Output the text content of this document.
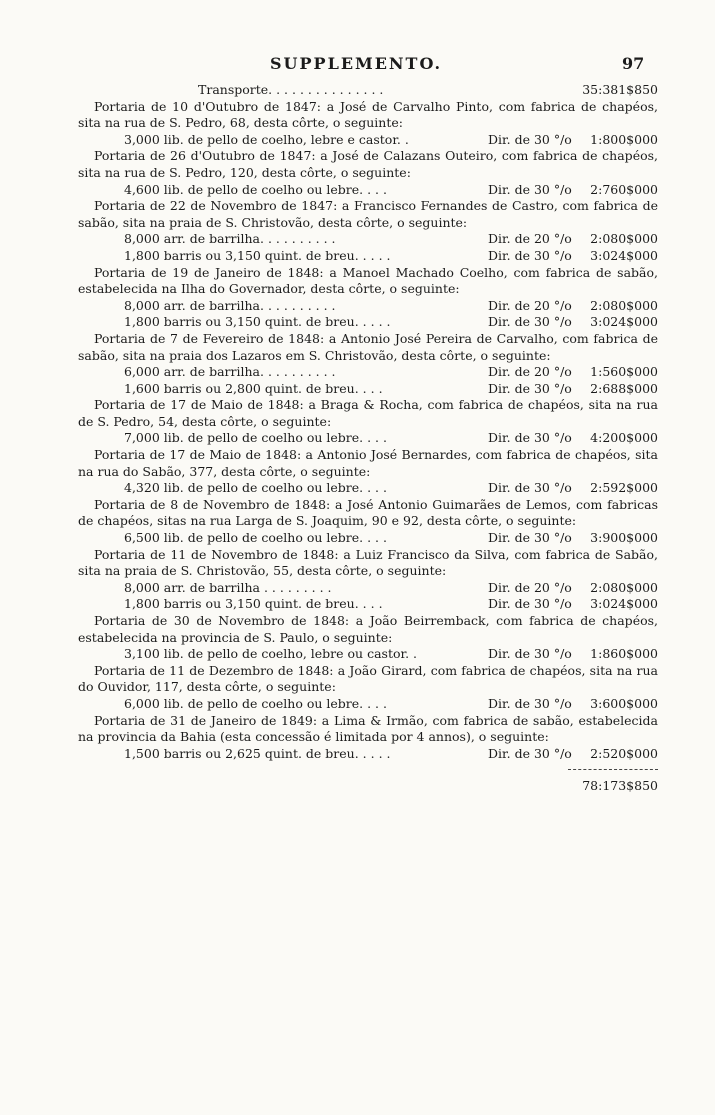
SUPPLEMENTO.	97
Transporte. . . . . . . . . . . . . . .	35:381$850

Portaria de 10 d'Outubro de 1847: a José de Carvalho Pinto, com fabrica de chapéos, sita na rua de S. Pedro, 68, desta côrte, o seguinte:

3,000 lib. de pello de coelho, lebre e castor. .	Dir. de 30 °/o	1:800$000

Portaria de 26 d'Outubro de 1847: a José de Calazans Outeiro, com fabrica de chapéos, sita na rua de S. Pedro, 120, desta côrte, o seguinte:

4,600 lib. de pello de coelho ou lebre. . . .	Dir. de 30 °/o	2:760$000

Portaria de 22 de Novembro de 1847: a Francisco Fernandes de Castro, com fabrica de sabão, sita na praia de S. Christovão, desta côrte, o seguinte:

8,000 arr. de barrilha. . . . . . . . . .	Dir. de 20 °/o	2:080$000
1,800 barris ou 3,150 quint. de breu. . . . .	Dir. de 30 °/o	3:024$000

Portaria de 19 de Janeiro de 1848: a Manoel Machado Coelho, com fabrica de sabão, estabelecida na Ilha do Governador, desta côrte, o seguinte:

8,000 arr. de barrilha. . . . . . . . . .	Dir. de 20 °/o	2:080$000
1,800 barris ou 3,150 quint. de breu. . . . .	Dir. de 30 °/o	3:024$000

Portaria de 7 de Fevereiro de 1848: a Antonio José Pereira de Carvalho, com fabrica de sabão, sita na praia dos Lazaros em S. Christovão, desta côrte, o seguinte:

6,000 arr. de barrilha. . . . . . . . . .	Dir. de 20 °/o	1:560$000
1,600 barris ou 2,800 quint. de breu. . . .	Dir. de 30 °/o	2:688$000

Portaria de 17 de Maio de 1848: a Braga & Rocha, com fabrica de chapéos, sita na rua de S. Pedro, 54, desta côrte, o seguinte:

7,000 lib. de pello de coelho ou lebre. . . .	Dir. de 30 °/o	4:200$000

Portaria de 17 de Maio de 1848: a Antonio José Bernardes, com fabrica de chapéos, sita na rua do Sabão, 377, desta côrte, o seguinte:

4,320 lib. de pello de coelho ou lebre. . . .	Dir. de 30 °/o	2:592$000

Portaria de 8 de Novembro de 1848: a José Antonio Guimarães de Lemos, com fabricas de chapéos, sitas na rua Larga de S. Joaquim, 90 e 92, desta côrte, o seguinte:

6,500 lib. de pello de coelho ou lebre. . . .	Dir. de 30 °/o	3:900$000

Portaria de 11 de Novembro de 1848: a Luiz Francisco da Silva, com fabrica de Sabão, sita na praia de S. Christovão, 55, desta côrte, o seguinte:

8,000 arr. de barrilha . . . . . . . . .	Dir. de 20 °/o	2:080$000
1,800 barris ou 3,150 quint. de breu. . . .	Dir. de 30 °/o	3:024$000

Portaria de 30 de Novembro de 1848: a João Beirremback, com fabrica de chapéos, estabelecida na provincia de S. Paulo, o seguinte:

3,100 lib. de pello de coelho, lebre ou castor. .	Dir. de 30 °/o	1:860$000

Portaria de 11 de Dezembro de 1848: a João Girard, com fabrica de chapéos, sita na rua do Ouvidor, 117, desta côrte, o seguinte:

6,000 lib. de pello de coelho ou lebre. . . .	Dir. de 30 °/o	3:600$000

Portaria de 31 de Janeiro de 1849: a Lima & Irmão, com fabrica de sabão, estabelecida na provincia da Bahia (esta concessão é limitada por 4 annos), o seguinte:

1,500 barris ou 2,625 quint. de breu. . . . .	Dir. de 30 °/o	2:520$000
78:173$850
